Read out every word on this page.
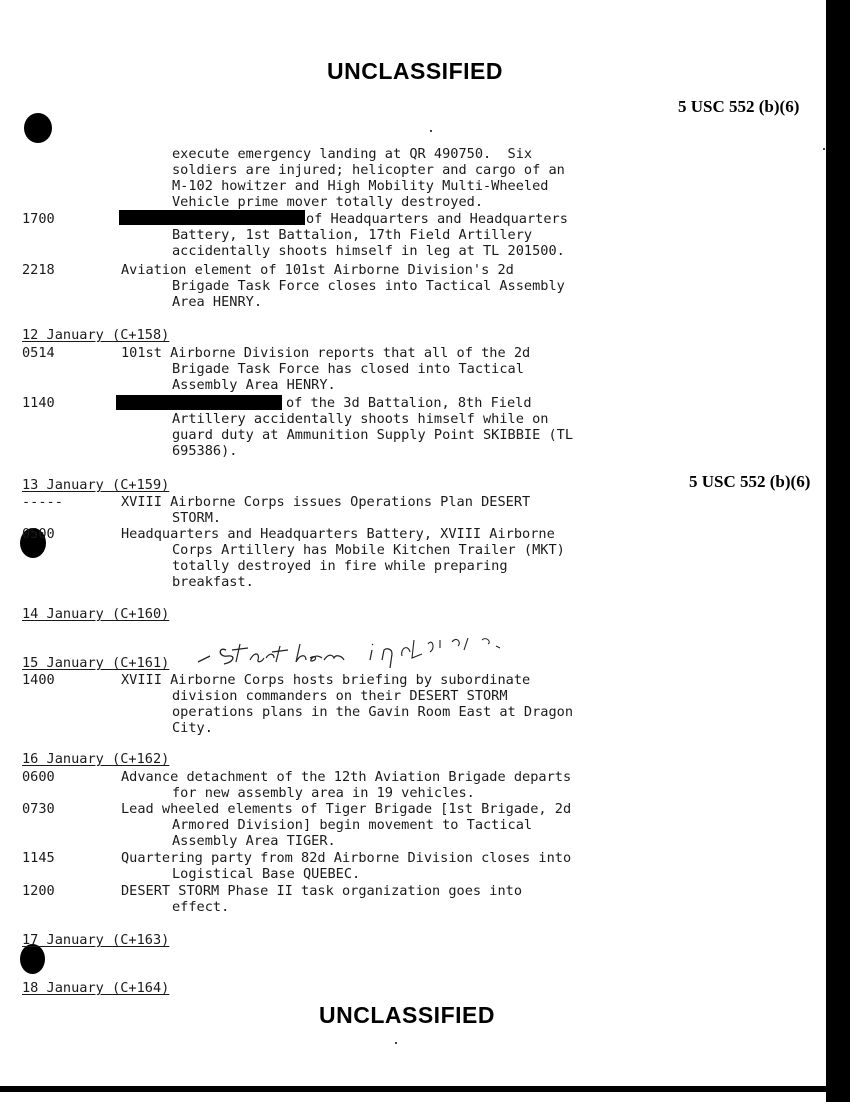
UNCLASSIFIED
UNCLASSIFIED
5 USC 552 (b)(6)
5 USC 552 (b)(6)
execute emergency landing at QR 490750.  Six
soldiers are injured; helicopter and cargo of an
M-102 howitzer and High Mobility Multi-Wheeled
Vehicle prime mover totally destroyed.
1700	of Headquarters and Headquarters
Battery, 1st Battalion, 17th Field Artillery
accidentally shoots himself in leg at TL 201500.
2218	Aviation element of 101st Airborne Division's 2d
Brigade Task Force closes into Tactical Assembly
Area HENRY.
12 January (C+158)
0514	101st Airborne Division reports that all of the 2d
Brigade Task Force has closed into Tactical
Assembly Area HENRY.
1140	of the 3d Battalion, 8th Field
Artillery accidentally shoots himself while on
guard duty at Ammunition Supply Point SKIBBIE (TL
695386).
13 January (C+159)
-----	XVIII Airborne Corps issues Operations Plan DESERT
STORM.
0500	Headquarters and Headquarters Battery, XVIII Airborne
Corps Artillery has Mobile Kitchen Trailer (MKT)
totally destroyed in fire while preparing
breakfast.
14 January (C+160)
15 January (C+161)
1400	XVIII Airborne Corps hosts briefing by subordinate
division commanders on their DESERT STORM
operations plans in the Gavin Room East at Dragon
City.
16 January (C+162)
0600	Advance detachment of the 12th Aviation Brigade departs
for new assembly area in 19 vehicles.
0730	Lead wheeled elements of Tiger Brigade [1st Brigade, 2d
Armored Division] begin movement to Tactical
Assembly Area TIGER.
1145	Quartering party from 82d Airborne Division closes into
Logistical Base QUEBEC.
1200	DESERT STORM Phase II task organization goes into
effect.
17 January (C+163)
18 January (C+164)
